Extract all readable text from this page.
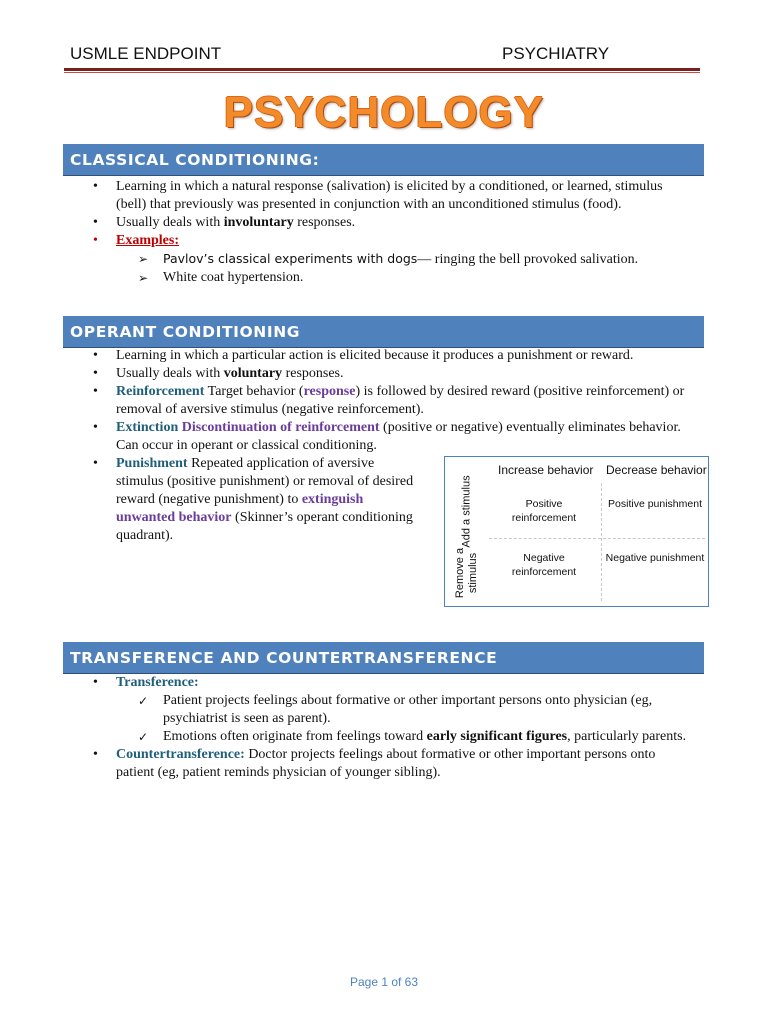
USMLE ENDPOINT	PSYCHIATRY
PSYCHOLOGY
CLASSICAL CONDITIONING:
• Learning in which a natural response (salivation) is elicited by a conditioned, or learned, stimulus (bell) that previously was presented in conjunction with an unconditioned stimulus (food).
• Usually deals with involuntary responses.
• Examples:
➢ Pavlov’s classical experiments with dogs— ringing the bell provoked salivation.
➢ White coat hypertension.
OPERANT CONDITIONING
• Learning in which a particular action is elicited because it produces a punishment or reward.
• Usually deals with voluntary responses.
• Reinforcement Target behavior (response) is followed by desired reward (positive reinforcement) or removal of aversive stimulus (negative reinforcement).
• Extinction Discontinuation of reinforcement (positive or negative) eventually eliminates behavior. Can occur in operant or classical conditioning.
• Punishment Repeated application of aversive stimulus (positive punishment) or removal of desired reward (negative punishment) to extinguish unwanted behavior (Skinner’s operant conditioning quadrant).
Increase behavior Decrease behavior
Add a stimulus
Remove a stimulus
Positive reinforcement
Positive punishment
Negative reinforcement
Negative punishment
TRANSFERENCE AND COUNTERTRANSFERENCE
• Transference:
✓ Patient projects feelings about formative or other important persons onto physician (eg, psychiatrist is seen as parent).
✓ Emotions often originate from feelings toward early significant figures, particularly parents.
• Countertransference: Doctor projects feelings about formative or other important persons onto patient (eg, patient reminds physician of younger sibling).
Page 1 of 63
